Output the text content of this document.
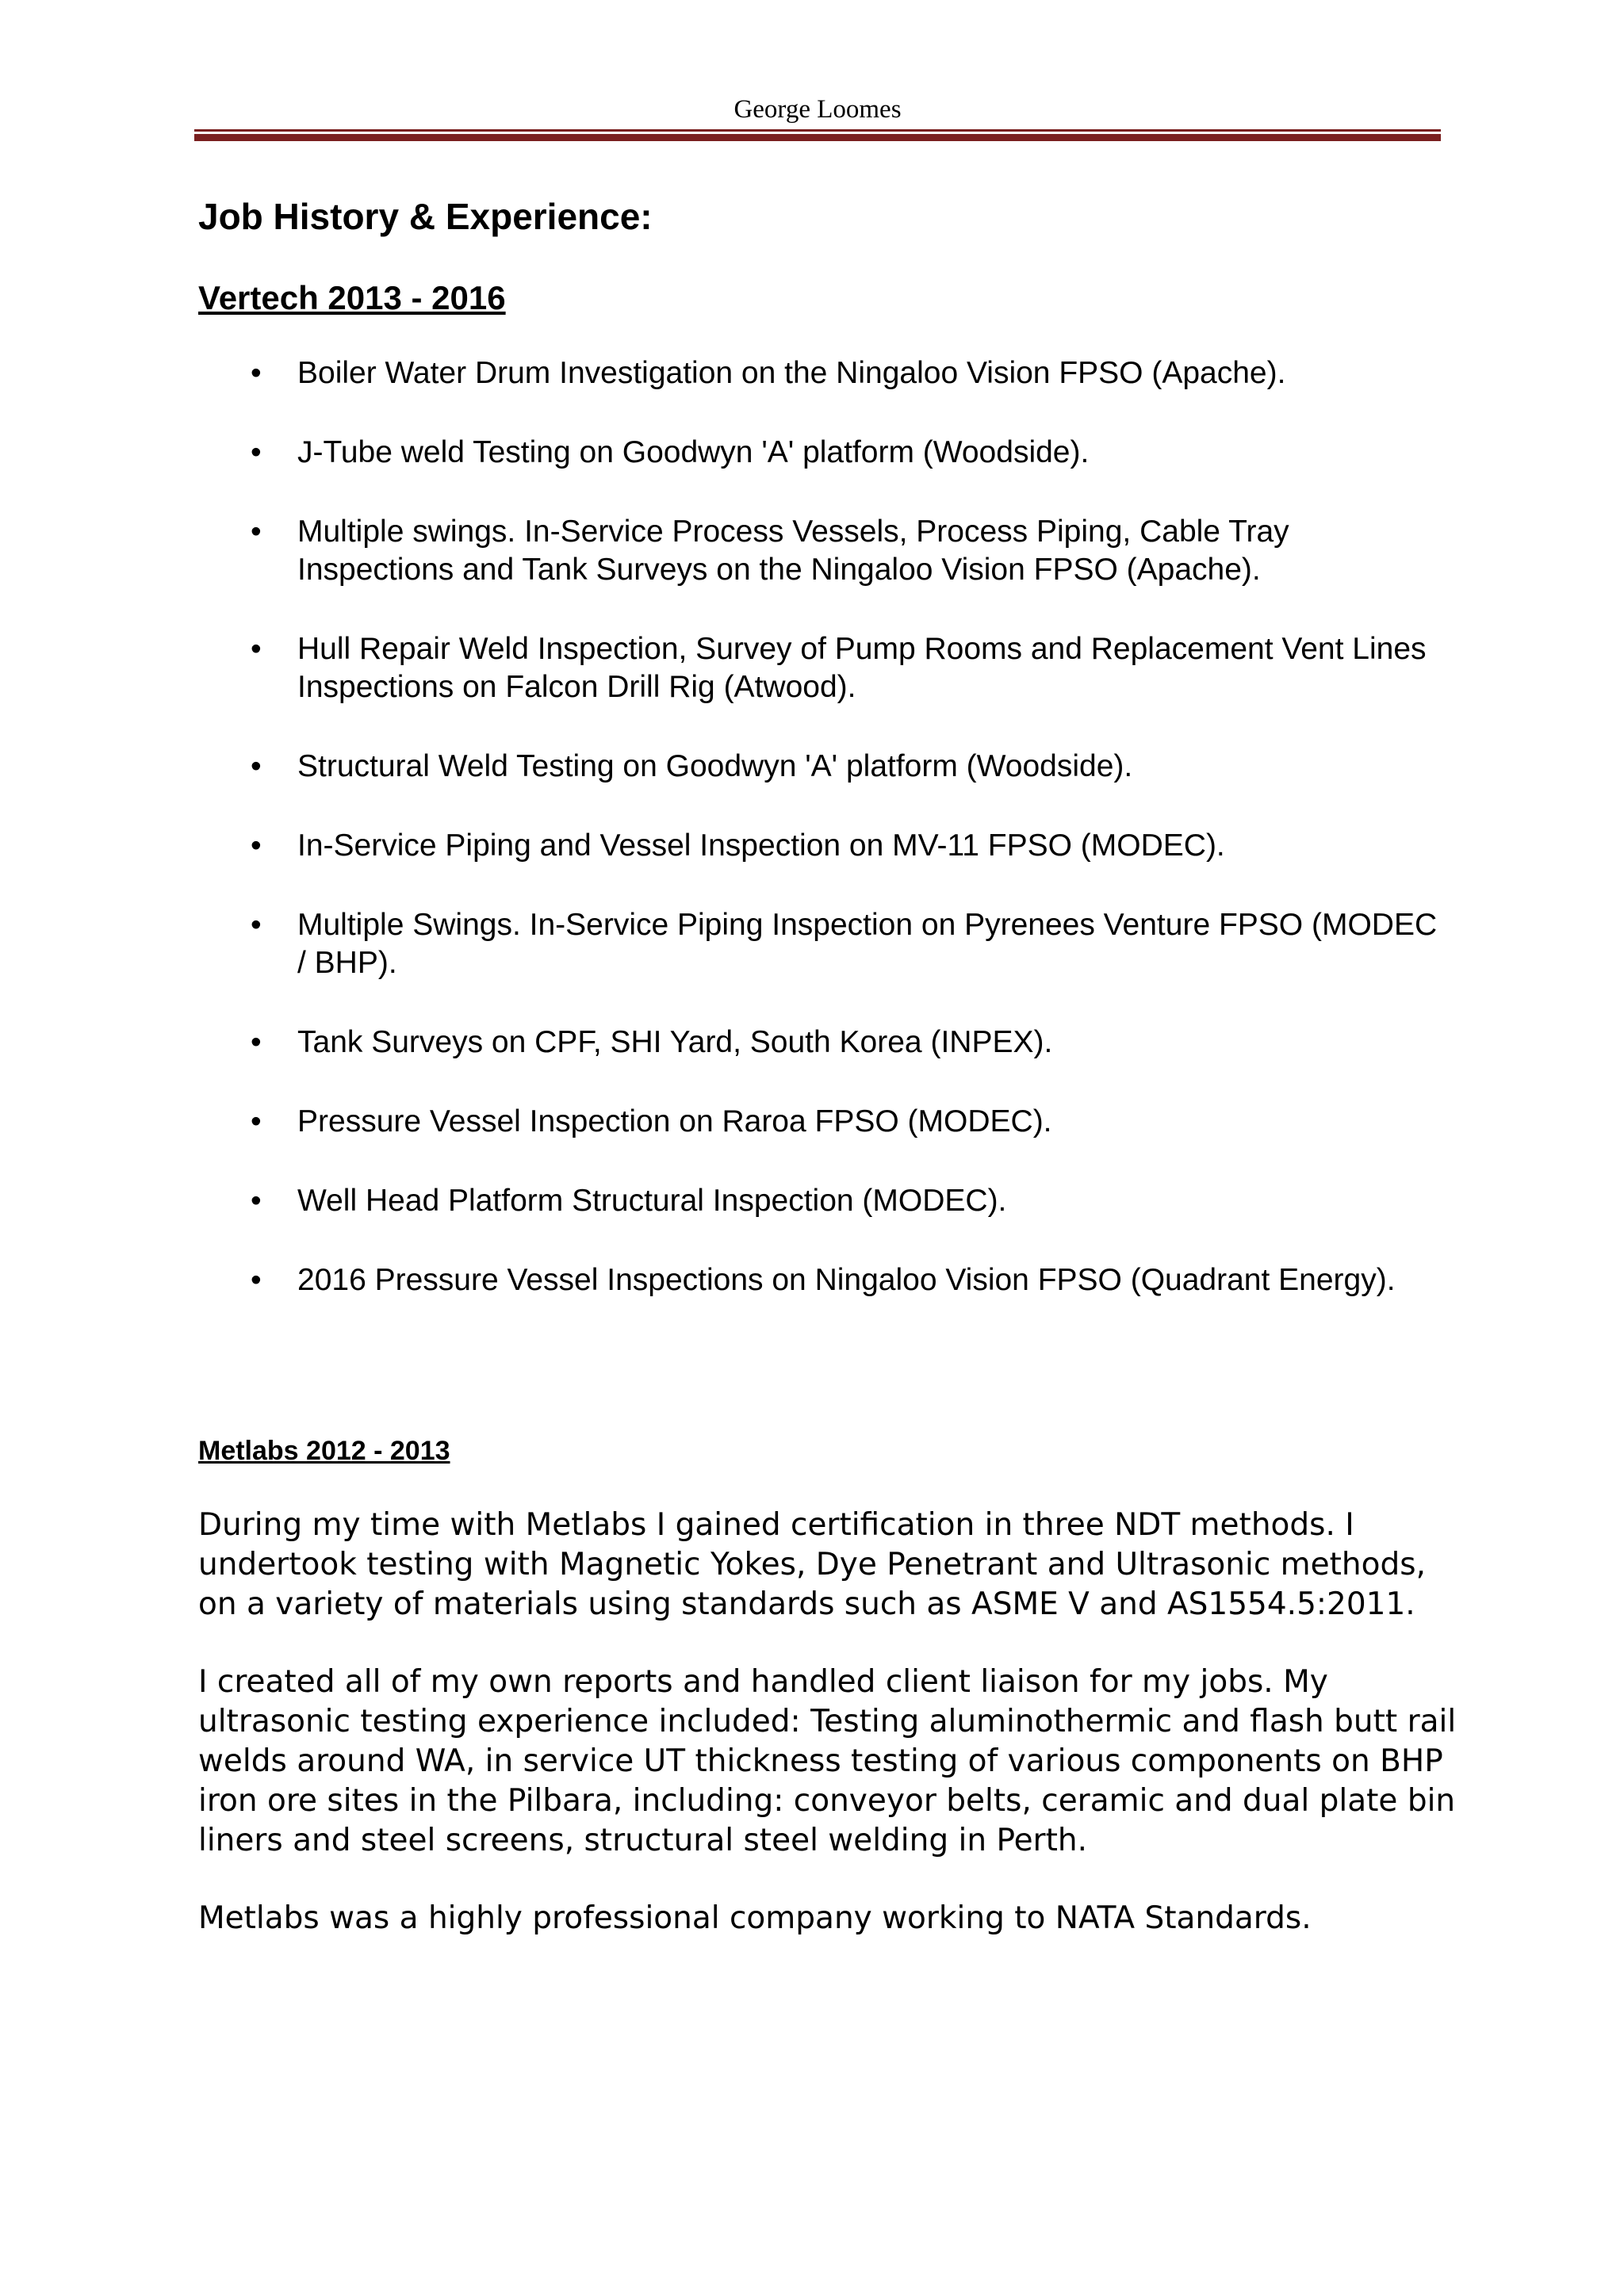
George Loomes
Job History & Experience:
Vertech 2013 - 2016
• Boiler Water Drum Investigation on the Ningaloo Vision FPSO (Apache).
• J-Tube weld Testing on Goodwyn 'A' platform (Woodside).
• Multiple swings. In-Service Process Vessels, Process Piping, Cable Tray Inspections and Tank Surveys on the Ningaloo Vision FPSO (Apache).
• Hull Repair Weld Inspection, Survey of Pump Rooms and Replacement Vent Lines Inspections on Falcon Drill Rig (Atwood).
• Structural Weld Testing on Goodwyn 'A' platform (Woodside).
• In-Service Piping and Vessel Inspection on MV-11 FPSO (MODEC).
• Multiple Swings. In-Service Piping Inspection on Pyrenees Venture FPSO (MODEC / BHP).
• Tank Surveys on CPF, SHI Yard, South Korea (INPEX).
• Pressure Vessel Inspection on Raroa FPSO (MODEC).
• Well Head Platform Structural Inspection (MODEC).
• 2016 Pressure Vessel Inspections on Ningaloo Vision FPSO (Quadrant Energy).
Metlabs 2012 - 2013

During my time with Metlabs I gained certification in three NDT methods. I undertook testing with Magnetic Yokes, Dye Penetrant and Ultrasonic methods, on a variety of materials using standards such as ASME V and AS1554.5:2011.

I created all of my own reports and handled client liaison for my jobs. My ultrasonic testing experience included: Testing aluminothermic and flash butt rail welds around WA, in service UT thickness testing of various components on BHP iron ore sites in the Pilbara, including: conveyor belts, ceramic and dual plate bin liners and steel screens, structural steel welding in Perth.

Metlabs was a highly professional company working to NATA Standards.
